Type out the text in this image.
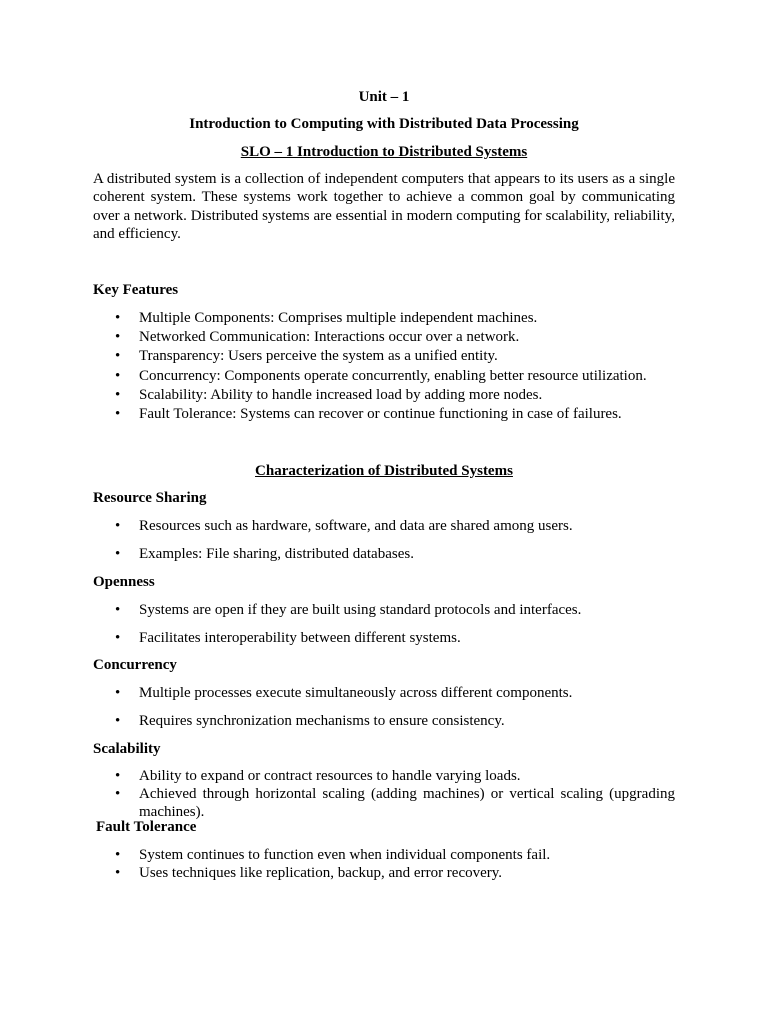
Unit – 1

Introduction to Computing with Distributed Data Processing

SLO – 1 Introduction to Distributed Systems

A distributed system is a collection of independent computers that appears to its users as a single coherent system. These systems work together to achieve a common goal by communicating over a network. Distributed systems are essential in modern computing for scalability, reliability, and efficiency.

Key Features

• Multiple Components: Comprises multiple independent machines.
• Networked Communication: Interactions occur over a network.
• Transparency: Users perceive the system as a unified entity.
• Concurrency: Components operate concurrently, enabling better resource utilization.
• Scalability: Ability to handle increased load by adding more nodes.
• Fault Tolerance: Systems can recover or continue functioning in case of failures.

Characterization of Distributed Systems

Resource Sharing

• Resources such as hardware, software, and data are shared among users.
• Examples: File sharing, distributed databases.

Openness

• Systems are open if they are built using standard protocols and interfaces.
• Facilitates interoperability between different systems.

Concurrency

• Multiple processes execute simultaneously across different components.
• Requires synchronization mechanisms to ensure consistency.

Scalability

• Ability to expand or contract resources to handle varying loads.
• Achieved through horizontal scaling (adding machines) or vertical scaling (upgrading machines).

Fault Tolerance

• System continues to function even when individual components fail.
• Uses techniques like replication, backup, and error recovery.
